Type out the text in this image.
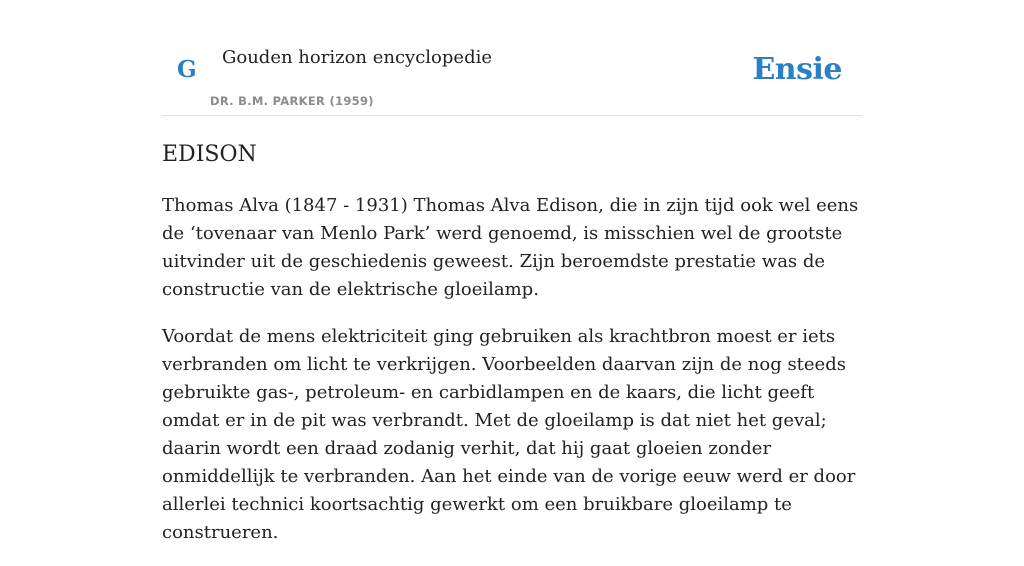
G Gouden horizon encyclopedie
DR. B.M. PARKER (1959)
Ensie
EDISON

Thomas Alva (1847 - 1931) Thomas Alva Edison, die in zijn tijd ook wel eens de ‘tovenaar van Menlo Park’ werd genoemd, is misschien wel de grootste uitvinder uit de geschiedenis geweest. Zijn beroemdste prestatie was de constructie van de elektrische gloeilamp.

Voordat de mens elektriciteit ging gebruiken als krachtbron moest er iets verbranden om licht te verkrijgen. Voorbeelden daarvan zijn de nog steeds gebruikte gas-, petroleum- en carbidlampen en de kaars, die licht geeft omdat er in de pit was verbrandt. Met de gloeilamp is dat niet het geval; daarin wordt een draad zodanig verhit, dat hij gaat gloeien zonder onmiddellijk te verbranden. Aan het einde van de vorige eeuw werd er door allerlei technici koortsachtig gewerkt om een bruikbare gloeilamp te construeren.
